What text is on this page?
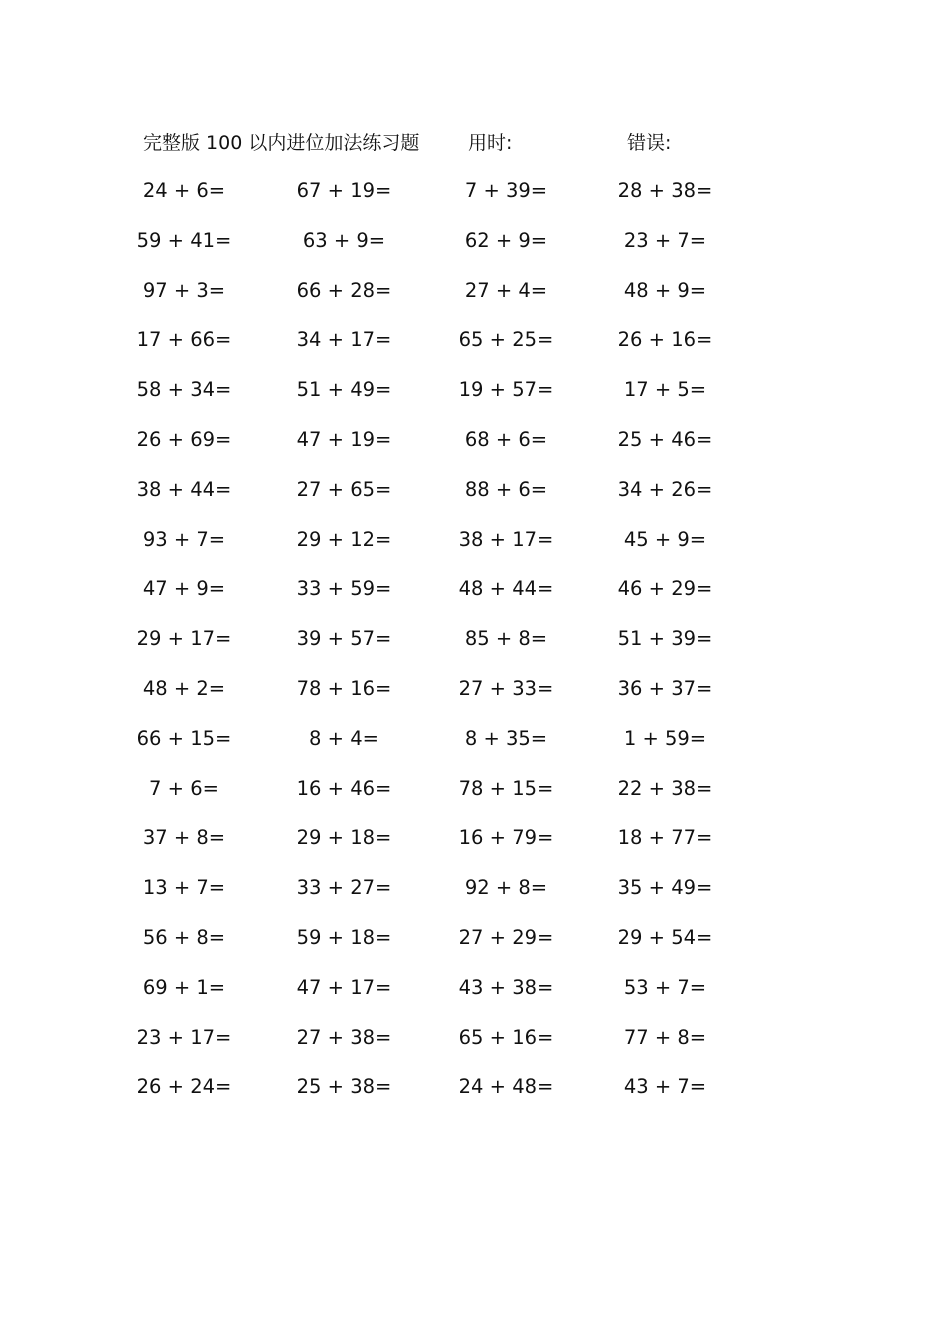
完整版 100 以内进位加法练习题	用时:	错误:
24 + 6=	67 + 19=	7 + 39=	28 + 38=
59 + 41=	63 + 9=	62 + 9=	23 + 7=
97 + 3=	66 + 28=	27 + 4=	48 + 9=
17 + 66=	34 + 17=	65 + 25=	26 + 16=
58 + 34=	51 + 49=	19 + 57=	17 + 5=
26 + 69=	47 + 19=	68 + 6=	25 + 46=
38 + 44=	27 + 65=	88 + 6=	34 + 26=
93 + 7=	29 + 12=	38 + 17=	45 + 9=
47 + 9=	33 + 59=	48 + 44=	46 + 29=
29 + 17=	39 + 57=	85 + 8=	51 + 39=
48 + 2=	78 + 16=	27 + 33=	36 + 37=
66 + 15=	8 + 4=	8 + 35=	1 + 59=
7 + 6=	16 + 46=	78 + 15=	22 + 38=
37 + 8=	29 + 18=	16 + 79=	18 + 77=
13 + 7=	33 + 27=	92 + 8=	35 + 49=
56 + 8=	59 + 18=	27 + 29=	29 + 54=
69 + 1=	47 + 17=	43 + 38=	53 + 7=
23 + 17=	27 + 38=	65 + 16=	77 + 8=
26 + 24=	25 + 38=	24 + 48=	43 + 7=
